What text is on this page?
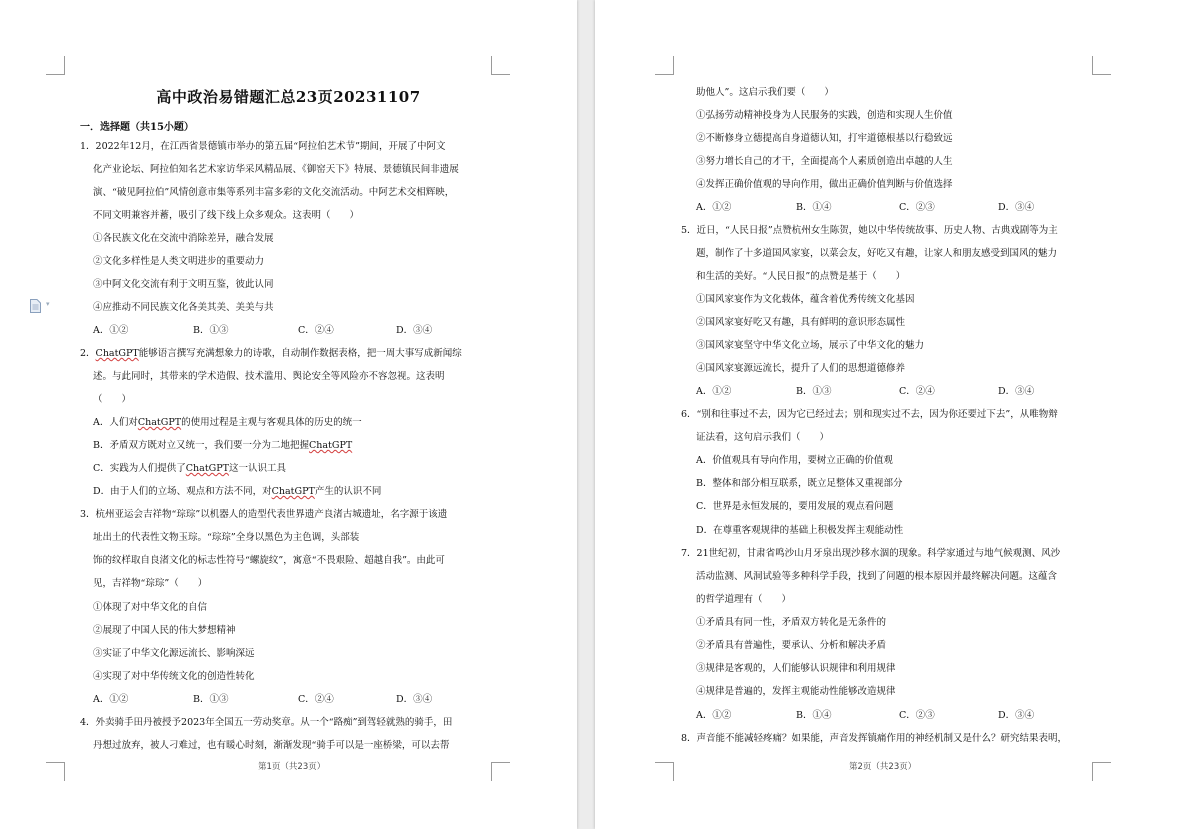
高中政治易错题汇总23页20231107
一．选择题（共15小题）
1．2022年12月，在江西省景德镇市举办的第五届“阿拉伯艺术节”期间，开展了中阿文
化产业论坛、阿拉伯知名艺术家访华采风精品展、《御窑天下》特展、景德镇民间非遗展
演、“破见阿拉伯”风情创意市集等系列丰富多彩的文化交流活动。中阿艺术交相辉映，
不同文明兼容并蓄，吸引了线下线上众多观众。这表明（　　）
①各民族文化在交流中消除差异，融合发展
②文化多样性是人类文明进步的重要动力
③中阿文化交流有利于文明互鉴，彼此认同
④应推动不同民族文化各美其美、美美与共
A．①②	B．①③	C．②④	D．③④
2．ChatGPT能够语言撰写充满想象力的诗歌，自动制作数据表格，把一周大事写成新闻综
述。与此同时，其带来的学术造假、技术滥用、舆论安全等风险亦不容忽视。这表明
（　　）
A．人们对ChatGPT的使用过程是主观与客观具体的历史的统一
B．矛盾双方既对立又统一，我们要一分为二地把握ChatGPT
C．实践为人们提供了ChatGPT这一认识工具
D．由于人们的立场、观点和方法不同，对ChatGPT产生的认识不同
3．杭州亚运会吉祥物“琮琮”以机器人的造型代表世界遗产良渚古城遗址，名字源于该遗
址出土的代表性文物玉琮。“琮琮”全身以黑色为主色调，头部装
饰的纹样取自良渚文化的标志性符号“螺旋纹”，寓意“不畏艰险、超越自我”。由此可
见，吉祥物“琮琮”（　　）
①体现了对中华文化的自信
②展现了中国人民的伟大梦想精神
③实证了中华文化源远流长、影响深远
④实现了对中华传统文化的创造性转化
A．①②	B．①③	C．②④	D．③④
4．外卖骑手田丹被授予2023年全国五一劳动奖章。从一个“路痴”到驾轻就熟的骑手，田
丹想过放弃，被人刁难过，也有暖心时刻，渐渐发现“骑手可以是一座桥梁，可以去帮
第1页（共23页）
▾
助他人”。这启示我们要（　　）
①弘扬劳动精神投身为人民服务的实践，创造和实现人生价值
②不断修身立德提高自身道德认知，打牢道德根基以行稳致远
③努力增长自己的才干，全面提高个人素质创造出卓越的人生
④发挥正确价值观的导向作用，做出正确价值判断与价值选择
A．①②	B．①④	C．②③	D．③④
5．近日，“人民日报”点赞杭州女生陈贺，她以中华传统故事、历史人物、古典戏剧等为主
题，制作了十多道国风家宴，以菜会友，好吃又有趣，让家人和朋友感受到国风的魅力
和生活的美好。“人民日报”的点赞是基于（　　）
①国风家宴作为文化载体，蕴含着优秀传统文化基因
②国风家宴好吃又有趣，具有鲜明的意识形态属性
③国风家宴坚守中华文化立场，展示了中华文化的魅力
④国风家宴源远流长，提升了人们的思想道德修养
A．①②	B．①③	C．②④	D．③④
6．“别和往事过不去，因为它已经过去；别和现实过不去，因为你还要过下去”，从唯物辩
证法看，这句启示我们（　　）
A．价值观具有导向作用，要树立正确的价值观
B．整体和部分相互联系，既立足整体又重视部分
C．世界是永恒发展的，要用发展的观点看问题
D．在尊重客观规律的基础上积极发挥主观能动性
7．21世纪初，甘肃省鸣沙山月牙泉出现沙移水涸的现象。科学家通过与地气候观测、风沙
活动监测、风洞试验等多种科学手段，找到了问题的根本原因并最终解决问题。这蕴含
的哲学道理有（　　）
①矛盾具有同一性，矛盾双方转化是无条件的
②矛盾具有普遍性，要承认、分析和解决矛盾
③规律是客观的，人们能够认识规律和利用规律
④规律是普遍的，发挥主观能动性能够改造规律
A．①②	B．①④	C．②③	D．③④
8．声音能不能减轻疼痛？如果能，声音发挥镇痛作用的神经机制又是什么？研究结果表明，
第2页（共23页）
